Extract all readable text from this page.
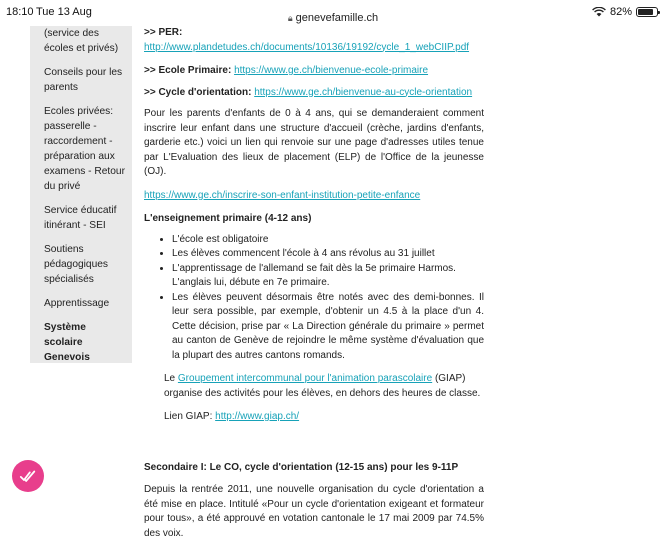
18:10 Tue 13 Aug	🔒︎ genevefamille.ch	82%
(service des écoles et privés)
Conseils pour les parents
Ecoles privées: passerelle - raccordement - préparation aux examens - Retour du privé
Service éducatif itinérant - SEI
Soutiens pédagogiques spécialisés
Apprentissage
Système scolaire Genevois

>> PER:

http://www.plandetudes.ch/documents/10136/19192/cycle_1_webCIIP.pdf

>> Ecole Primaire: https://www.ge.ch/bienvenue-ecole-primaire

>> Cycle d'orientation: https://www.ge.ch/bienvenue-au-cycle-orientation

Pour les parents d'enfants de 0 à 4 ans, qui se demanderaient comment inscrire leur enfant dans une structure d'accueil (crèche, jardins d'enfants, garderie etc.) voici un lien qui renvoie sur une page d'adresses utiles tenue par L'Evaluation des lieux de placement (ELP) de l'Office de la jeunesse (OJ).

https://www.ge.ch/inscrire-son-enfant-institution-petite-enfance

L'enseignement primaire (4-12 ans)

• L'école est obligatoire
• Les élèves commencent l'école à 4 ans révolus au 31 juillet
• L'apprentissage de l'allemand se fait dès la 5e primaire Harmos. L'anglais lui, débute en 7e primaire.
• Les élèves peuvent désormais être notés avec des demi-bonnes. Il leur sera possible, par exemple, d'obtenir un 4.5 à la place d'un 4. Cette décision, prise par « La Direction générale du primaire » permet au canton de Genève de rejoindre le même système d'évaluation que la plupart des autres cantons romands.

Le Groupement intercommunal pour l'animation parascolaire (GIAP) organise des activités pour les élèves, en dehors des heures de classe.

Lien GIAP: http://www.giap.ch/

Secondaire I: Le CO, cycle d'orientation (12-15 ans) pour les 9-11P

Depuis la rentrée 2011, une nouvelle organisation du cycle d'orientation a été mise en place. Intitulé «Pour un cycle d'orientation exigeant et formateur pour tous», a été approuvé en votation cantonale le 17 mai 2009 par 74.5% des voix.
